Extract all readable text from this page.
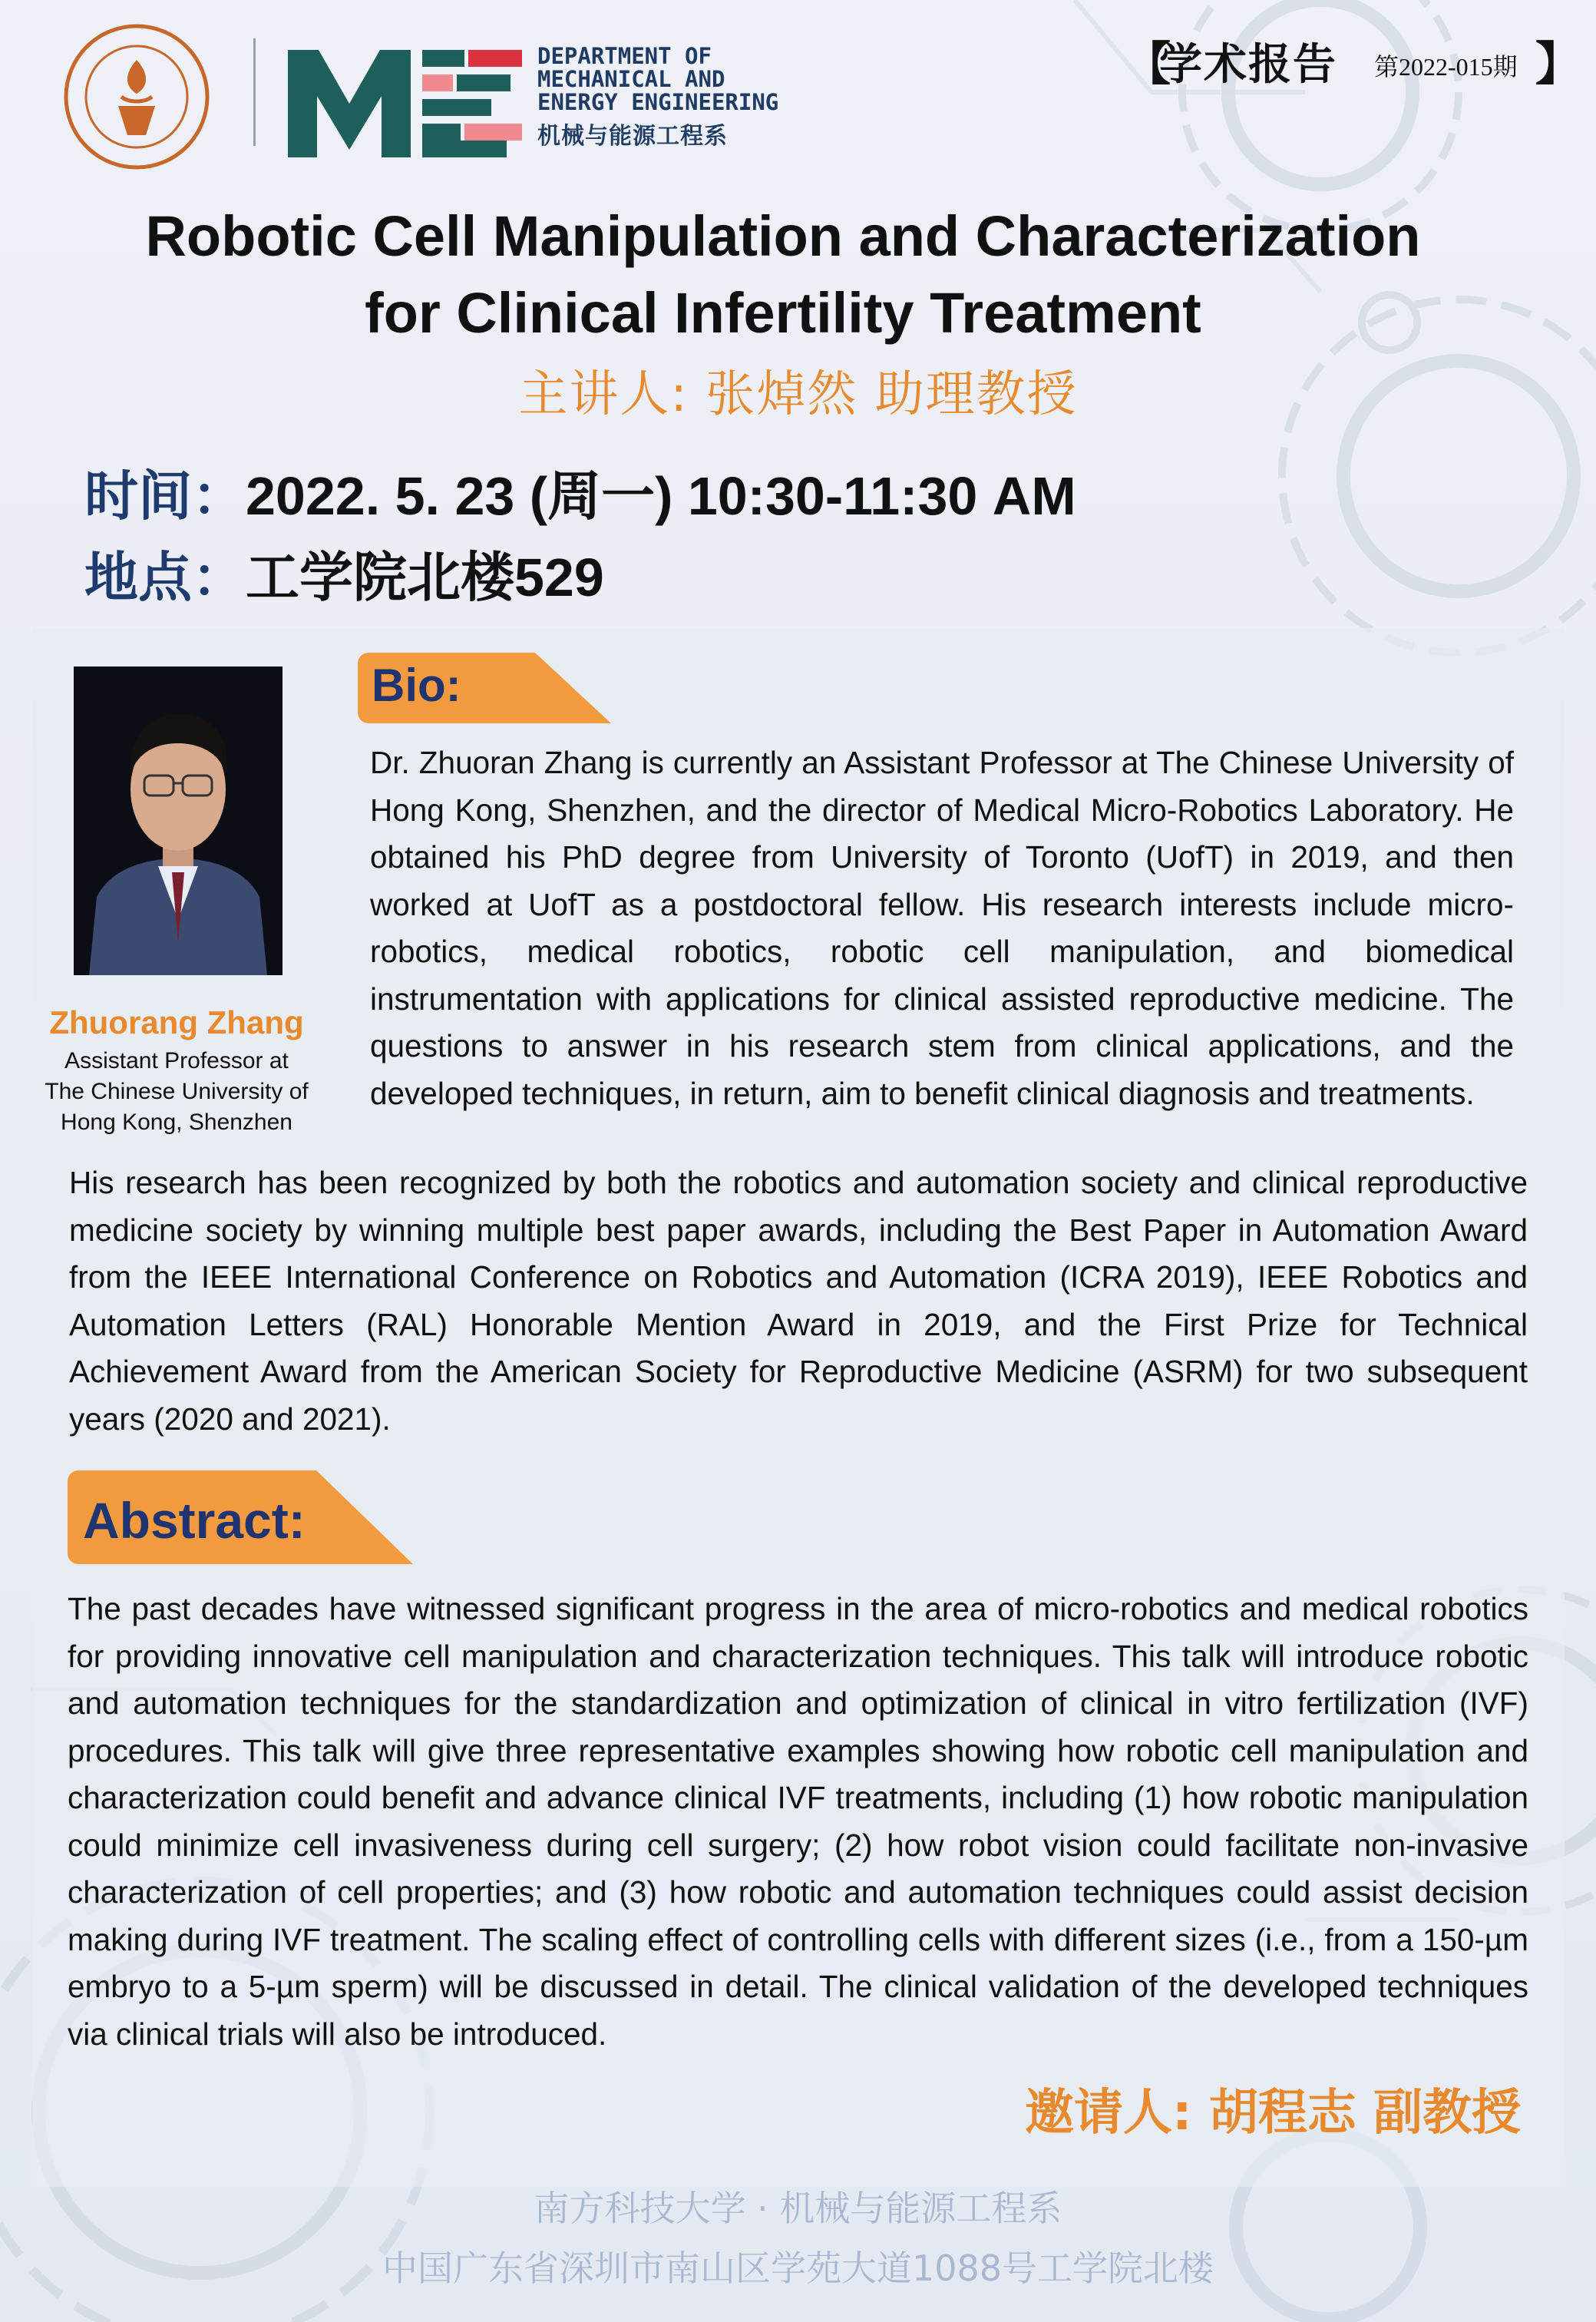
DEPARTMENT OF
MECHANICAL AND
ENERGY ENGINEERING
机械与能源工程系
【
学术报告 第2022-015期 】
Robotic Cell Manipulation and Characterization
for Clinical Infertility Treatment
主讲人: 张焯然 助理教授
时间：2022. 5. 23 (周一) 10:30-11:30 AM
地点：工学院北楼529
Zhuorang Zhang
Assistant Professor at
The Chinese University of
Hong Kong, Shenzhen
Bio:
Dr. Zhuoran Zhang is currently an Assistant Professor at The Chinese University of Hong Kong, Shenzhen, and the director of Medical Micro-Robotics Laboratory. He obtained his PhD degree from University of Toronto (UofT) in 2019, and then worked at UofT as a postdoctoral fellow. His research interests include micro-robotics, medical robotics, robotic cell manipulation, and biomedical instrumentation with applications for clinical assisted reproductive medicine. The questions to answer in his research stem from clinical applications, and the developed techniques, in return, aim to benefit clinical diagnosis and treatments.
His research has been recognized by both the robotics and automation society and clinical reproductive medicine society by winning multiple best paper awards, including the Best Paper in Automation Award from the IEEE International Conference on Robotics and Automation (ICRA 2019), IEEE Robotics and Automation Letters (RAL) Honorable Mention Award in 2019, and the First Prize for Technical Achievement Award from the American Society for Reproductive Medicine (ASRM) for two subsequent years (2020 and 2021).
Abstract:
The past decades have witnessed significant progress in the area of micro-robotics and medical robotics for providing innovative cell manipulation and characterization techniques. This talk will introduce robotic and automation techniques for the standardization and optimization of clinical in vitro fertilization (IVF) procedures. This talk will give three representative examples showing how robotic cell manipulation and characterization could benefit and advance clinical IVF treatments, including (1) how robotic manipulation could minimize cell invasiveness during cell surgery; (2) how robot vision could facilitate non-invasive characterization of cell properties; and (3) how robotic and automation techniques could assist decision making during IVF treatment. The scaling effect of controlling cells with different sizes (i.e., from a 150-µm embryo to a 5-µm sperm) will be discussed in detail. The clinical validation of the developed techniques via clinical trials will also be introduced.
邀请人: 胡程志 副教授
南方科技大学 · 机械与能源工程系
中国广东省深圳市南山区学苑大道1088号工学院北楼
